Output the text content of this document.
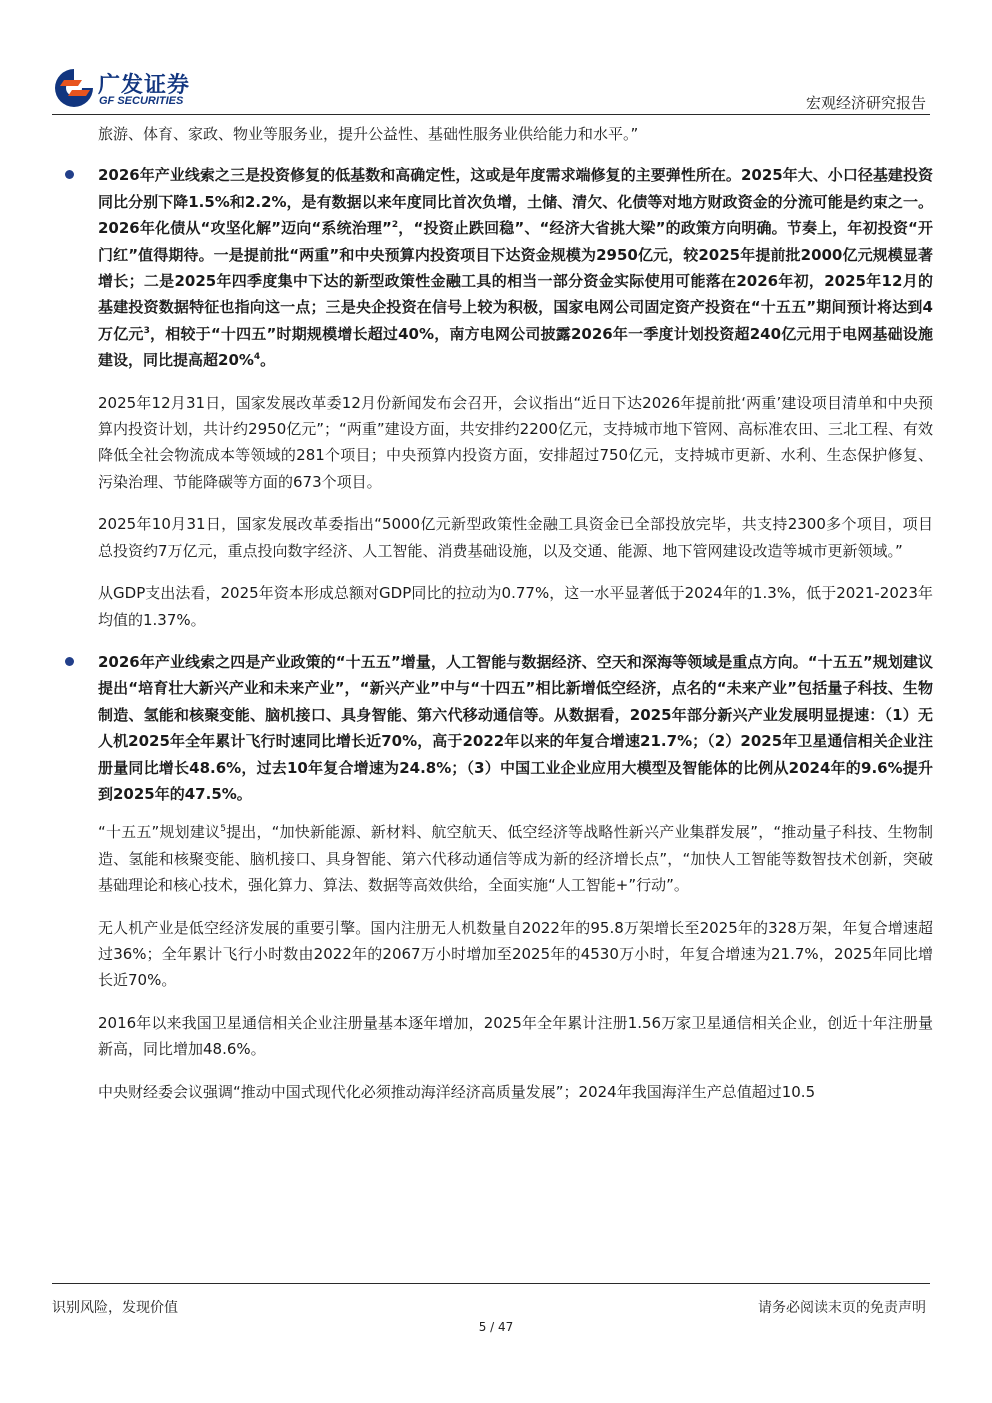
广发证券
GF SECURITIES	宏观经济研究报告

旅游、体育、家政、物业等服务业，提升公益性、基础性服务业供给能力和水平。”

2026年产业线索之三是投资修复的低基数和高确定性，这或是年度需求端修复的主要弹性所在。2025年大、小口径基建投资同比分别下降1.5%和2.2%，是有数据以来年度同比首次负增，土储、清欠、化债等对地方财政资金的分流可能是约束之一。2026年化债从“攻坚化解”迈向“系统治理”$^2$，“投资止跌回稳”、“经济大省挑大梁”的政策方向明确。节奏上，年初投资“开门红”值得期待。一是提前批“两重”和中央预算内投资项目下达资金规模为2950亿元，较2025年提前批2000亿元规模显著增长；二是2025年四季度集中下达的新型政策性金融工具的相当一部分资金实际使用可能落在2026年初，2025年12月的基建投资数据特征也指向这一点；三是央企投资在信号上较为积极，国家电网公司固定资产投资在“十五五”期间预计将达到4万亿元$^3$，相较于“十四五”时期规模增长超过40%，南方电网公司披露2026年一季度计划投资超240亿元用于电网基础设施建设，同比提高超20%$^4$。

2025年12月31日，国家发展改革委12月份新闻发布会召开，会议指出“近日下达2026年提前批‘两重’建设项目清单和中央预算内投资计划，共计约2950亿元”；“两重”建设方面，共安排约2200亿元，支持城市地下管网、高标准农田、三北工程、有效降低全社会物流成本等领域的281个项目；中央预算内投资方面，安排超过750亿元，支持城市更新、水利、生态保护修复、污染治理、节能降碳等方面的673个项目。

2025年10月31日，国家发展改革委指出“5000亿元新型政策性金融工具资金已全部投放完毕，共支持2300多个项目，项目总投资约7万亿元，重点投向数字经济、人工智能、消费基础设施，以及交通、能源、地下管网建设改造等城市更新领域。”

从GDP支出法看，2025年资本形成总额对GDP同比的拉动为0.77%，这一水平显著低于2024年的1.3%，低于2021-2023年均值的1.37%。

2026年产业线索之四是产业政策的“十五五”增量，人工智能与数据经济、空天和深海等领域是重点方向。“十五五”规划建议提出“培育壮大新兴产业和未来产业”，“新兴产业”中与“十四五”相比新增低空经济，点名的“未来产业”包括量子科技、生物制造、氢能和核聚变能、脑机接口、具身智能、第六代移动通信等。从数据看，2025年部分新兴产业发展明显提速：（1）无人机2025年全年累计飞行时速同比增长近70%，高于2022年以来的年复合增速21.7%；（2）2025年卫星通信相关企业注册量同比增长48.6%，过去10年复合增速为24.8%；（3）中国工业企业应用大模型及智能体的比例从2024年的9.6%提升到2025年的47.5%。

“十五五”规划建议$^5$提出，“加快新能源、新材料、航空航天、低空经济等战略性新兴产业集群发展”，“推动量子科技、生物制造、氢能和核聚变能、脑机接口、具身智能、第六代移动通信等成为新的经济增长点”，“加快人工智能等数智技术创新，突破基础理论和核心技术，强化算力、算法、数据等高效供给，全面实施“人工智能+”行动”。

无人机产业是低空经济发展的重要引擎。国内注册无人机数量自2022年的95.8万架增长至2025年的328万架，年复合增速超过36%；全年累计飞行小时数由2022年的2067万小时增加至2025年的4530万小时，年复合增速为21.7%，2025年同比增长近70%。

2016年以来我国卫星通信相关企业注册量基本逐年增加，2025年全年累计注册1.56万家卫星通信相关企业，创近十年注册量新高，同比增加48.6%。

中央财经委会议强调“推动中国式现代化必须推动海洋经济高质量发展”；2024年我国海洋生产总值超过10.5

识别风险，发现价值	请务必阅读末页的免责声明
5 / 47
